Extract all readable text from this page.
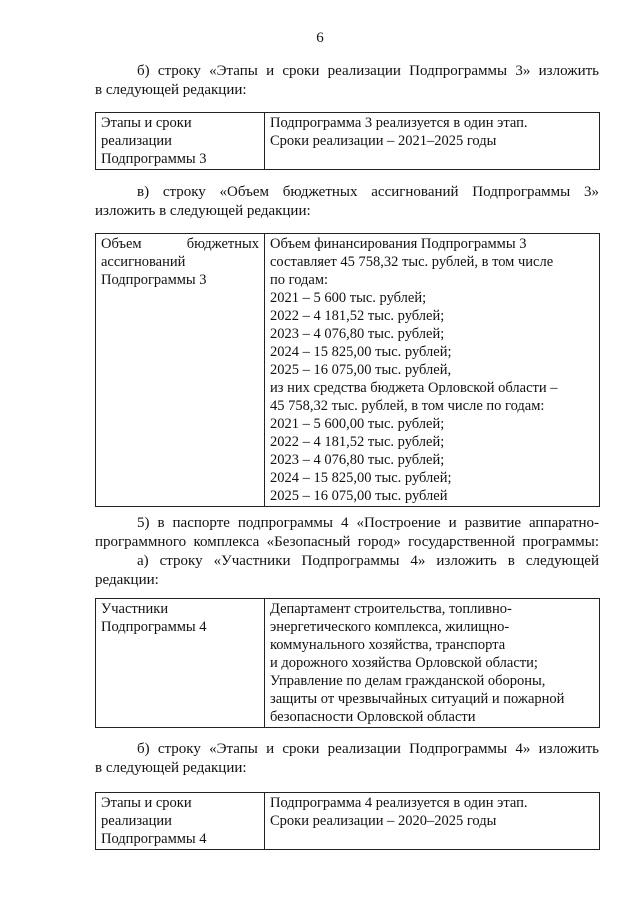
6
б) строку «Этапы и сроки реализации Подпрограммы 3» изложить
в следующей редакции:
Этапы и сроки
реализации
Подпрограммы 3

Подпрограмма 3 реализуется в один этап.
Сроки реализации – 2021–2025 годы
в) строку «Объем бюджетных ассигнований Подпрограммы 3»
изложить в следующей редакции:
Объем бюджетных
ассигнований
Подпрограммы 3

Объем финансирования Подпрограммы 3
составляет 45 758,32 тыс. рублей, в том числе
по годам:
2021 – 5 600 тыс. рублей;
2022 – 4 181,52 тыс. рублей;
2023 – 4 076,80 тыс. рублей;
2024 – 15 825,00 тыс. рублей;
2025 – 16 075,00 тыс. рублей,
из них средства бюджета Орловской области –
45 758,32 тыс. рублей, в том числе по годам:
2021 – 5 600,00 тыс. рублей;
2022 – 4 181,52 тыс. рублей;
2023 – 4 076,80 тыс. рублей;
2024 – 15 825,00 тыс. рублей;
2025 – 16 075,00 тыс. рублей
5) в паспорте подпрограммы 4 «Построение и развитие аппаратно-
программного комплекса «Безопасный город» государственной программы:
а) строку «Участники Подпрограммы 4» изложить в следующей
редакции:
Участники
Подпрограммы 4

Департамент строительства, топливно-
энергетического комплекса, жилищно-
коммунального хозяйства, транспорта
и дорожного хозяйства Орловской области;
Управление по делам гражданской обороны,
защиты от чрезвычайных ситуаций и пожарной
безопасности Орловской области
б) строку «Этапы и сроки реализации Подпрограммы 4» изложить
в следующей редакции:
Этапы и сроки
реализации
Подпрограммы 4

Подпрограмма 4 реализуется в один этап.
Сроки реализации – 2020–2025 годы
